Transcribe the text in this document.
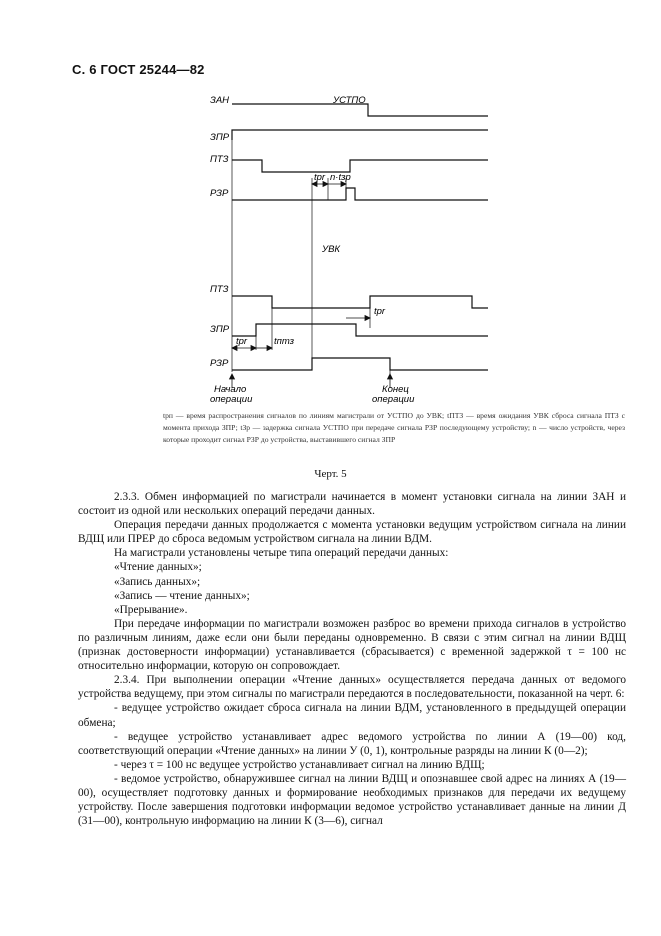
С. 6 ГОСТ 25244—82
ЗАН	УСТПО
ЗПР
ПТЗ
РЗР
УВК
ПТЗ
ЗПР
РЗР
tpr n·tзр
tpr
tpr	tптз
Начало
операции
Конец
операции
tрп — время распространения сигналов по линиям магистрали от УСТПО до УВК; tПТЗ — время ожидания УВК сброса сигнала ПТЗ с момента прихода ЗПР; tЗр — задержка сигнала УСТПО при передаче сигнала РЗР последующему устройству; n — число устройств, через которые проходит сигнал РЗР до устройства, выставившего сигнал ЗПР
Черт. 5

2.3.3. Обмен информацией по магистрали начинается в момент установки сигнала на линии ЗАН и состоит из одной или нескольких операций передачи данных.

Операция передачи данных продолжается с момента установки ведущим устройством сигнала на линии ВДЩ или ПРЕР до сброса ведомым устройством сигнала на линии ВДМ.

На магистрали установлены четыре типа операций передачи данных:

«Чтение данных»;

«Запись данных»;

«Запись — чтение данных»;

«Прерывание».

При передаче информации по магистрали возможен разброс во времени прихода сигналов в устройство по различным линиям, даже если они были переданы одновременно. В связи с этим сигнал на линии ВДЩ (признак достоверности информации) устанавливается (сбрасывается) с временной задержкой τ = 100 нс относительно информации, которую он сопровождает.

2.3.4. При выполнении операции «Чтение данных» осуществляется передача данных от ведомого устройства ведущему, при этом сигналы по магистрали передаются в последовательности, показанной на черт. 6:

- ведущее устройство ожидает сброса сигнала на линии ВДМ, установленного в предыдущей операции обмена;

- ведущее устройство устанавливает адрес ведомого устройства по линии А (19—00) код, соответствующий операции «Чтение данных» на линии У (0, 1), контрольные разряды на линии К (0—2);

- через τ = 100 нс ведущее устройство устанавливает сигнал на линию ВДЩ;

- ведомое устройство, обнаружившее сигнал на линии ВДЩ и опознавшее свой адрес на линиях А (19—00), осуществляет подготовку данных и формирование необходимых признаков для передачи их ведущему устройству. После завершения подготовки информации ведомое устройство устанавливает данные на линии Д (31—00), контрольную информацию на линии К (3—6), сигнал
